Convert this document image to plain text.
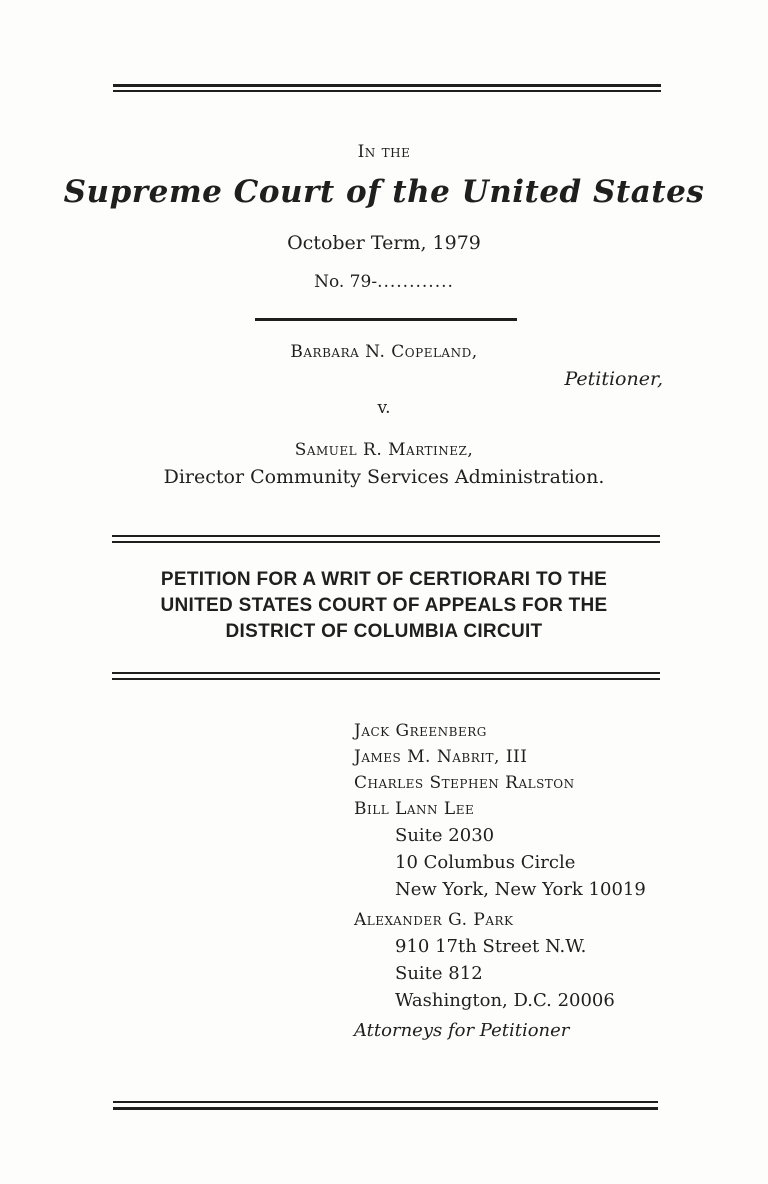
In the
Supreme Court of the United States
October Term, 1979
No. 79-............
Barbara N. Copeland,
Petitioner,
v.
Samuel R. Martinez,
Director Community Services Administration.
PETITION FOR A WRIT OF CERTIORARI TO THE
UNITED STATES COURT OF APPEALS FOR THE
DISTRICT OF COLUMBIA CIRCUIT
Jack Greenberg
James M. Nabrit, III
Charles Stephen Ralston
Bill Lann Lee
Suite 2030
10 Columbus Circle
New York, New York 10019
Alexander G. Park
910 17th Street N.W.
Suite 812
Washington, D.C. 20006
Attorneys for Petitioner
